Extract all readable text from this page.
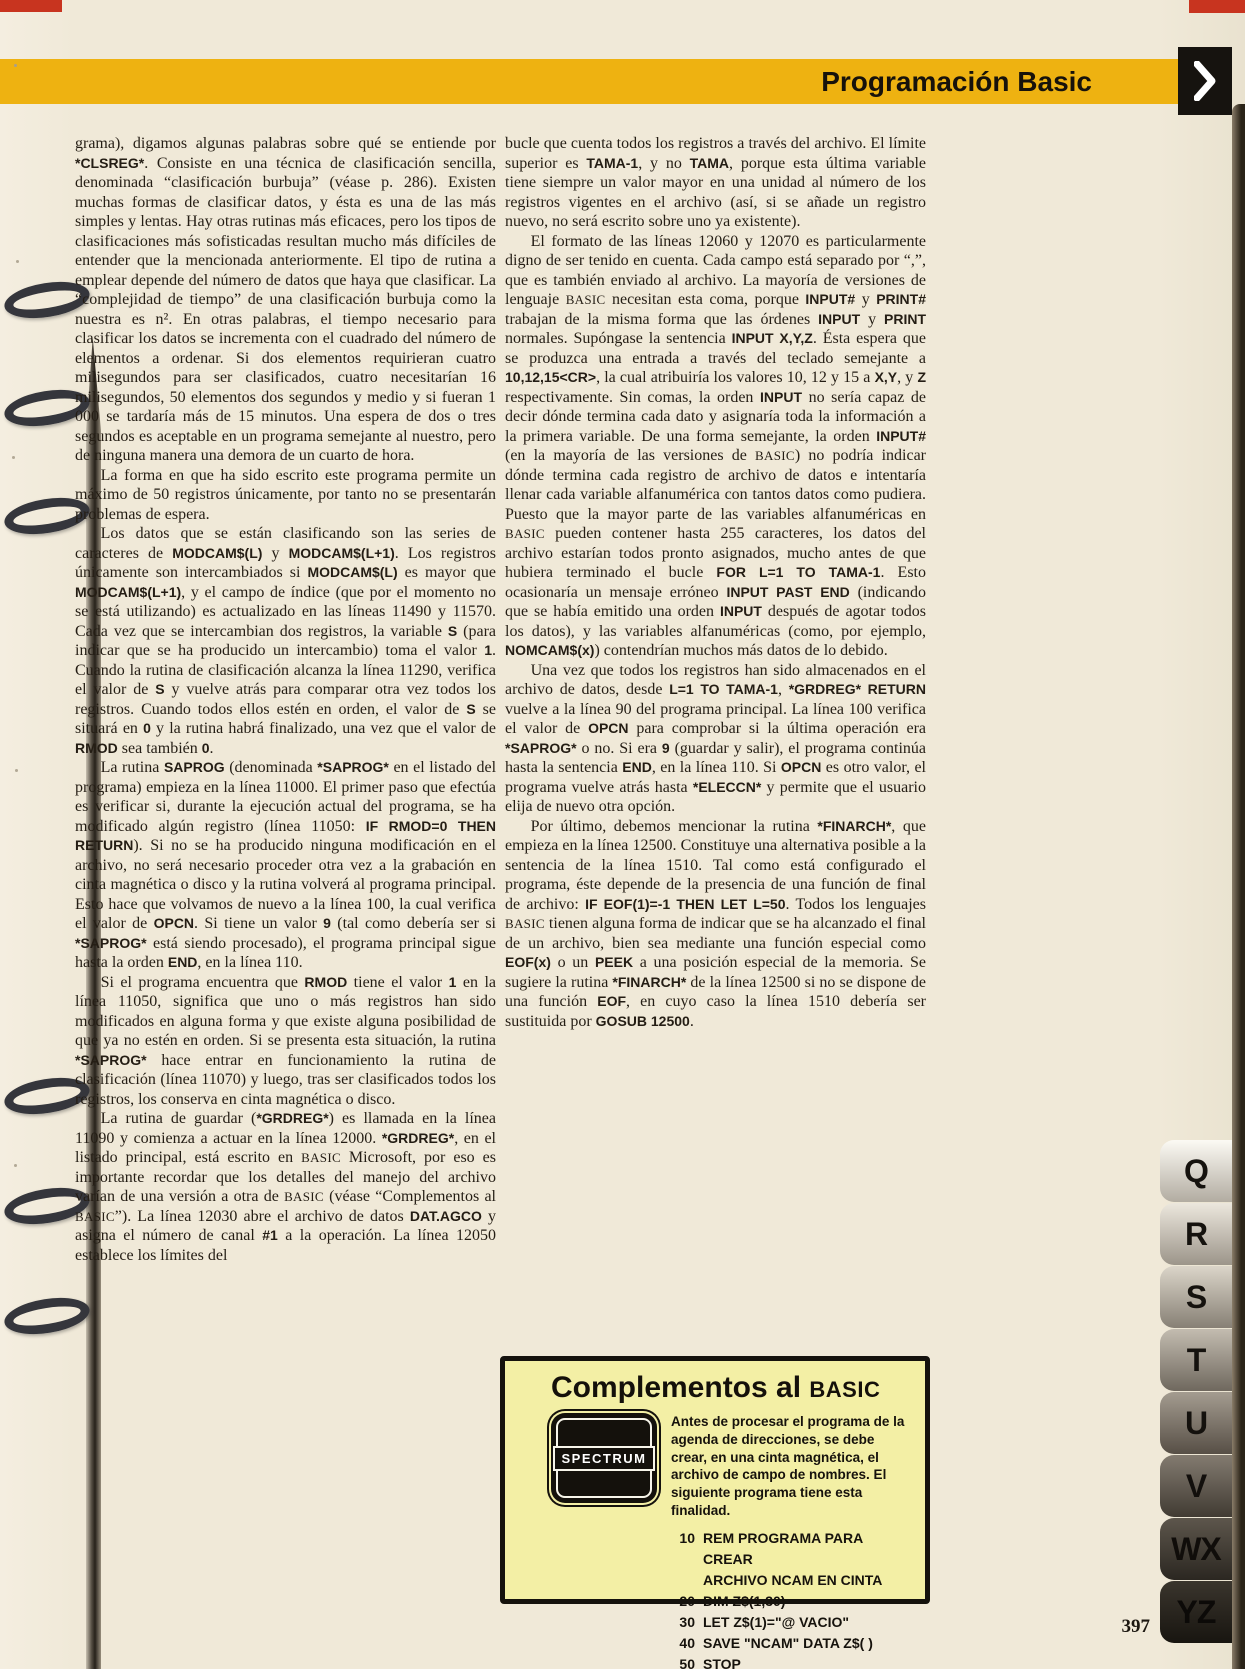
Programación Basic

grama), digamos algunas palabras sobre qué se entiende por *CLSREG*. Consiste en una técnica de clasificación sencilla, denominada “clasificación burbuja” (véase p. 286). Existen muchas formas de clasificar datos, y ésta es una de las más simples y lentas. Hay otras rutinas más eficaces, pero los tipos de clasificaciones más sofisticadas resultan mucho más difíciles de entender que la mencionada anteriormente. El tipo de rutina a emplear depende del número de datos que haya que clasificar. La “complejidad de tiempo” de una clasificación burbuja como la nuestra es n². En otras palabras, el tiempo necesario para clasificar los datos se incrementa con el cuadrado del número de elementos a ordenar. Si dos elementos requirieran cuatro milisegundos para ser clasificados, cuatro necesitarían 16 milisegundos, 50 elementos dos segundos y medio y si fueran 1 000 se tardaría más de 15 minutos. Una espera de dos o tres segundos es aceptable en un programa semejante al nuestro, pero de ninguna manera una demora de un cuarto de hora.

La forma en que ha sido escrito este programa permite un máximo de 50 registros únicamente, por tanto no se presentarán problemas de espera.

Los datos que se están clasificando son las series de caracteres de MODCAM$(L) y MODCAM$(L+1). Los registros únicamente son intercambiados si MODCAM$(L) es mayor que MODCAM$(L+1), y el campo de índice (que por el momento no se está utilizando) es actualizado en las líneas 11490 y 11570. Cada vez que se intercambian dos registros, la variable S (para indicar que se ha producido un intercambio) toma el valor 1. Cuando la rutina de clasificación alcanza la línea 11290, verifica el valor de S y vuelve atrás para comparar otra vez todos los registros. Cuando todos ellos estén en orden, el valor de S se situará en 0 y la rutina habrá finalizado, una vez que el valor de RMOD sea también 0.

La rutina SAPROG (denominada *SAPROG* en el listado del programa) empieza en la línea 11000. El primer paso que efectúa es verificar si, durante la ejecución actual del programa, se ha modificado algún registro (línea 11050: IF RMOD=0 THEN RETURN). Si no se ha producido ninguna modificación en el archivo, no será necesario proceder otra vez a la grabación en cinta magnética o disco y la rutina volverá al programa principal. Esto hace que volvamos de nuevo a la línea 100, la cual verifica el valor de OPCN. Si tiene un valor 9 (tal como debería ser si *SAPROG* está siendo procesado), el programa principal sigue hasta la orden END, en la línea 110.

Si el programa encuentra que RMOD tiene el valor 1 en la línea 11050, significa que uno o más registros han sido modificados en alguna forma y que existe alguna posibilidad de que ya no estén en orden. Si se presenta esta situación, la rutina *SAPROG* hace entrar en funcionamiento la rutina de clasificación (línea 11070) y luego, tras ser clasificados todos los registros, los conserva en cinta magnética o disco.

La rutina de guardar (*GRDREG*) es llamada en la línea 11090 y comienza a actuar en la línea 12000. *GRDREG*, en el listado principal, está escrito en BASIC Microsoft, por eso es importante recordar que los detalles del manejo del archivo varían de una versión a otra de BASIC (véase “Complementos al BASIC”). La línea 12030 abre el archivo de datos DAT.AGCO y asigna el número de canal #1 a la operación. La línea 12050 establece los límites del

bucle que cuenta todos los registros a través del archivo. El límite superior es TAMA-1, y no TAMA, porque esta última variable tiene siempre un valor mayor en una unidad al número de los registros vigentes en el archivo (así, si se añade un registro nuevo, no será escrito sobre uno ya existente).

El formato de las líneas 12060 y 12070 es particularmente digno de ser tenido en cuenta. Cada campo está separado por “,”, que es también enviado al archivo. La mayoría de versiones de lenguaje BASIC necesitan esta coma, porque INPUT# y PRINT# trabajan de la misma forma que las órdenes INPUT y PRINT normales. Supóngase la sentencia INPUT X,Y,Z. Ésta espera que se produzca una entrada a través del teclado semejante a 10,12,15<CR>, la cual atribuiría los valores 10, 12 y 15 a X,Y, y Z respectivamente. Sin comas, la orden INPUT no sería capaz de decir dónde termina cada dato y asignaría toda la información a la primera variable. De una forma semejante, la orden INPUT# (en la mayoría de las versiones de BASIC) no podría indicar dónde termina cada registro de archivo de datos e intentaría llenar cada variable alfanumérica con tantos datos como pudiera. Puesto que la mayor parte de las variables alfanuméricas en BASIC pueden contener hasta 255 caracteres, los datos del archivo estarían todos pronto asignados, mucho antes de que hubiera terminado el bucle FOR L=1 TO TAMA-1. Esto ocasionaría un mensaje erróneo INPUT PAST END (indicando que se había emitido una orden INPUT después de agotar todos los datos), y las variables alfanuméricas (como, por ejemplo, NOMCAM$(x)) contendrían muchos más datos de lo debido.

Una vez que todos los registros han sido almacenados en el archivo de datos, desde L=1 TO TAMA-1, *GRDREG* RETURN vuelve a la línea 90 del programa principal. La línea 100 verifica el valor de OPCN para comprobar si la última operación era *SAPROG* o no. Si era 9 (guardar y salir), el programa continúa hasta la sentencia END, en la línea 110. Si OPCN es otro valor, el programa vuelve atrás hasta *ELECCN* y permite que el usuario elija de nuevo otra opción.

Por último, debemos mencionar la rutina *FINARCH*, que empieza en la línea 12500. Constituye una alternativa posible a la sentencia de la línea 1510. Tal como está configurado el programa, éste depende de la presencia de una función de final de archivo: IF EOF(1)=-1 THEN LET L=50. Todos los lenguajes BASIC tienen alguna forma de indicar que se ha alcanzado el final de un archivo, bien sea mediante una función especial como EOF(x) o un PEEK a una posición especial de la memoria. Se sugiere la rutina *FINARCH* de la línea 12500 si no se dispone de una función EOF, en cuyo caso la línea 1510 debería ser sustituida por GOSUB 12500.

Complementos al BASIC
SPECTRUM
Antes de procesar el programa de la agenda de direcciones, se debe crear, en una cinta magnética, el archivo de campo de nombres. El siguiente programa tiene esta finalidad.
10 REM PROGRAMA PARA CREAR
ARCHIVO NCAM EN CINTA
20 DIM Z$(1,30)
30 LET Z$(1)="@ VACIO"
40 SAVE "NCAM" DATA Z$( )
50 STOP
Q
R
S
T
U
V
WX
YZ
397
